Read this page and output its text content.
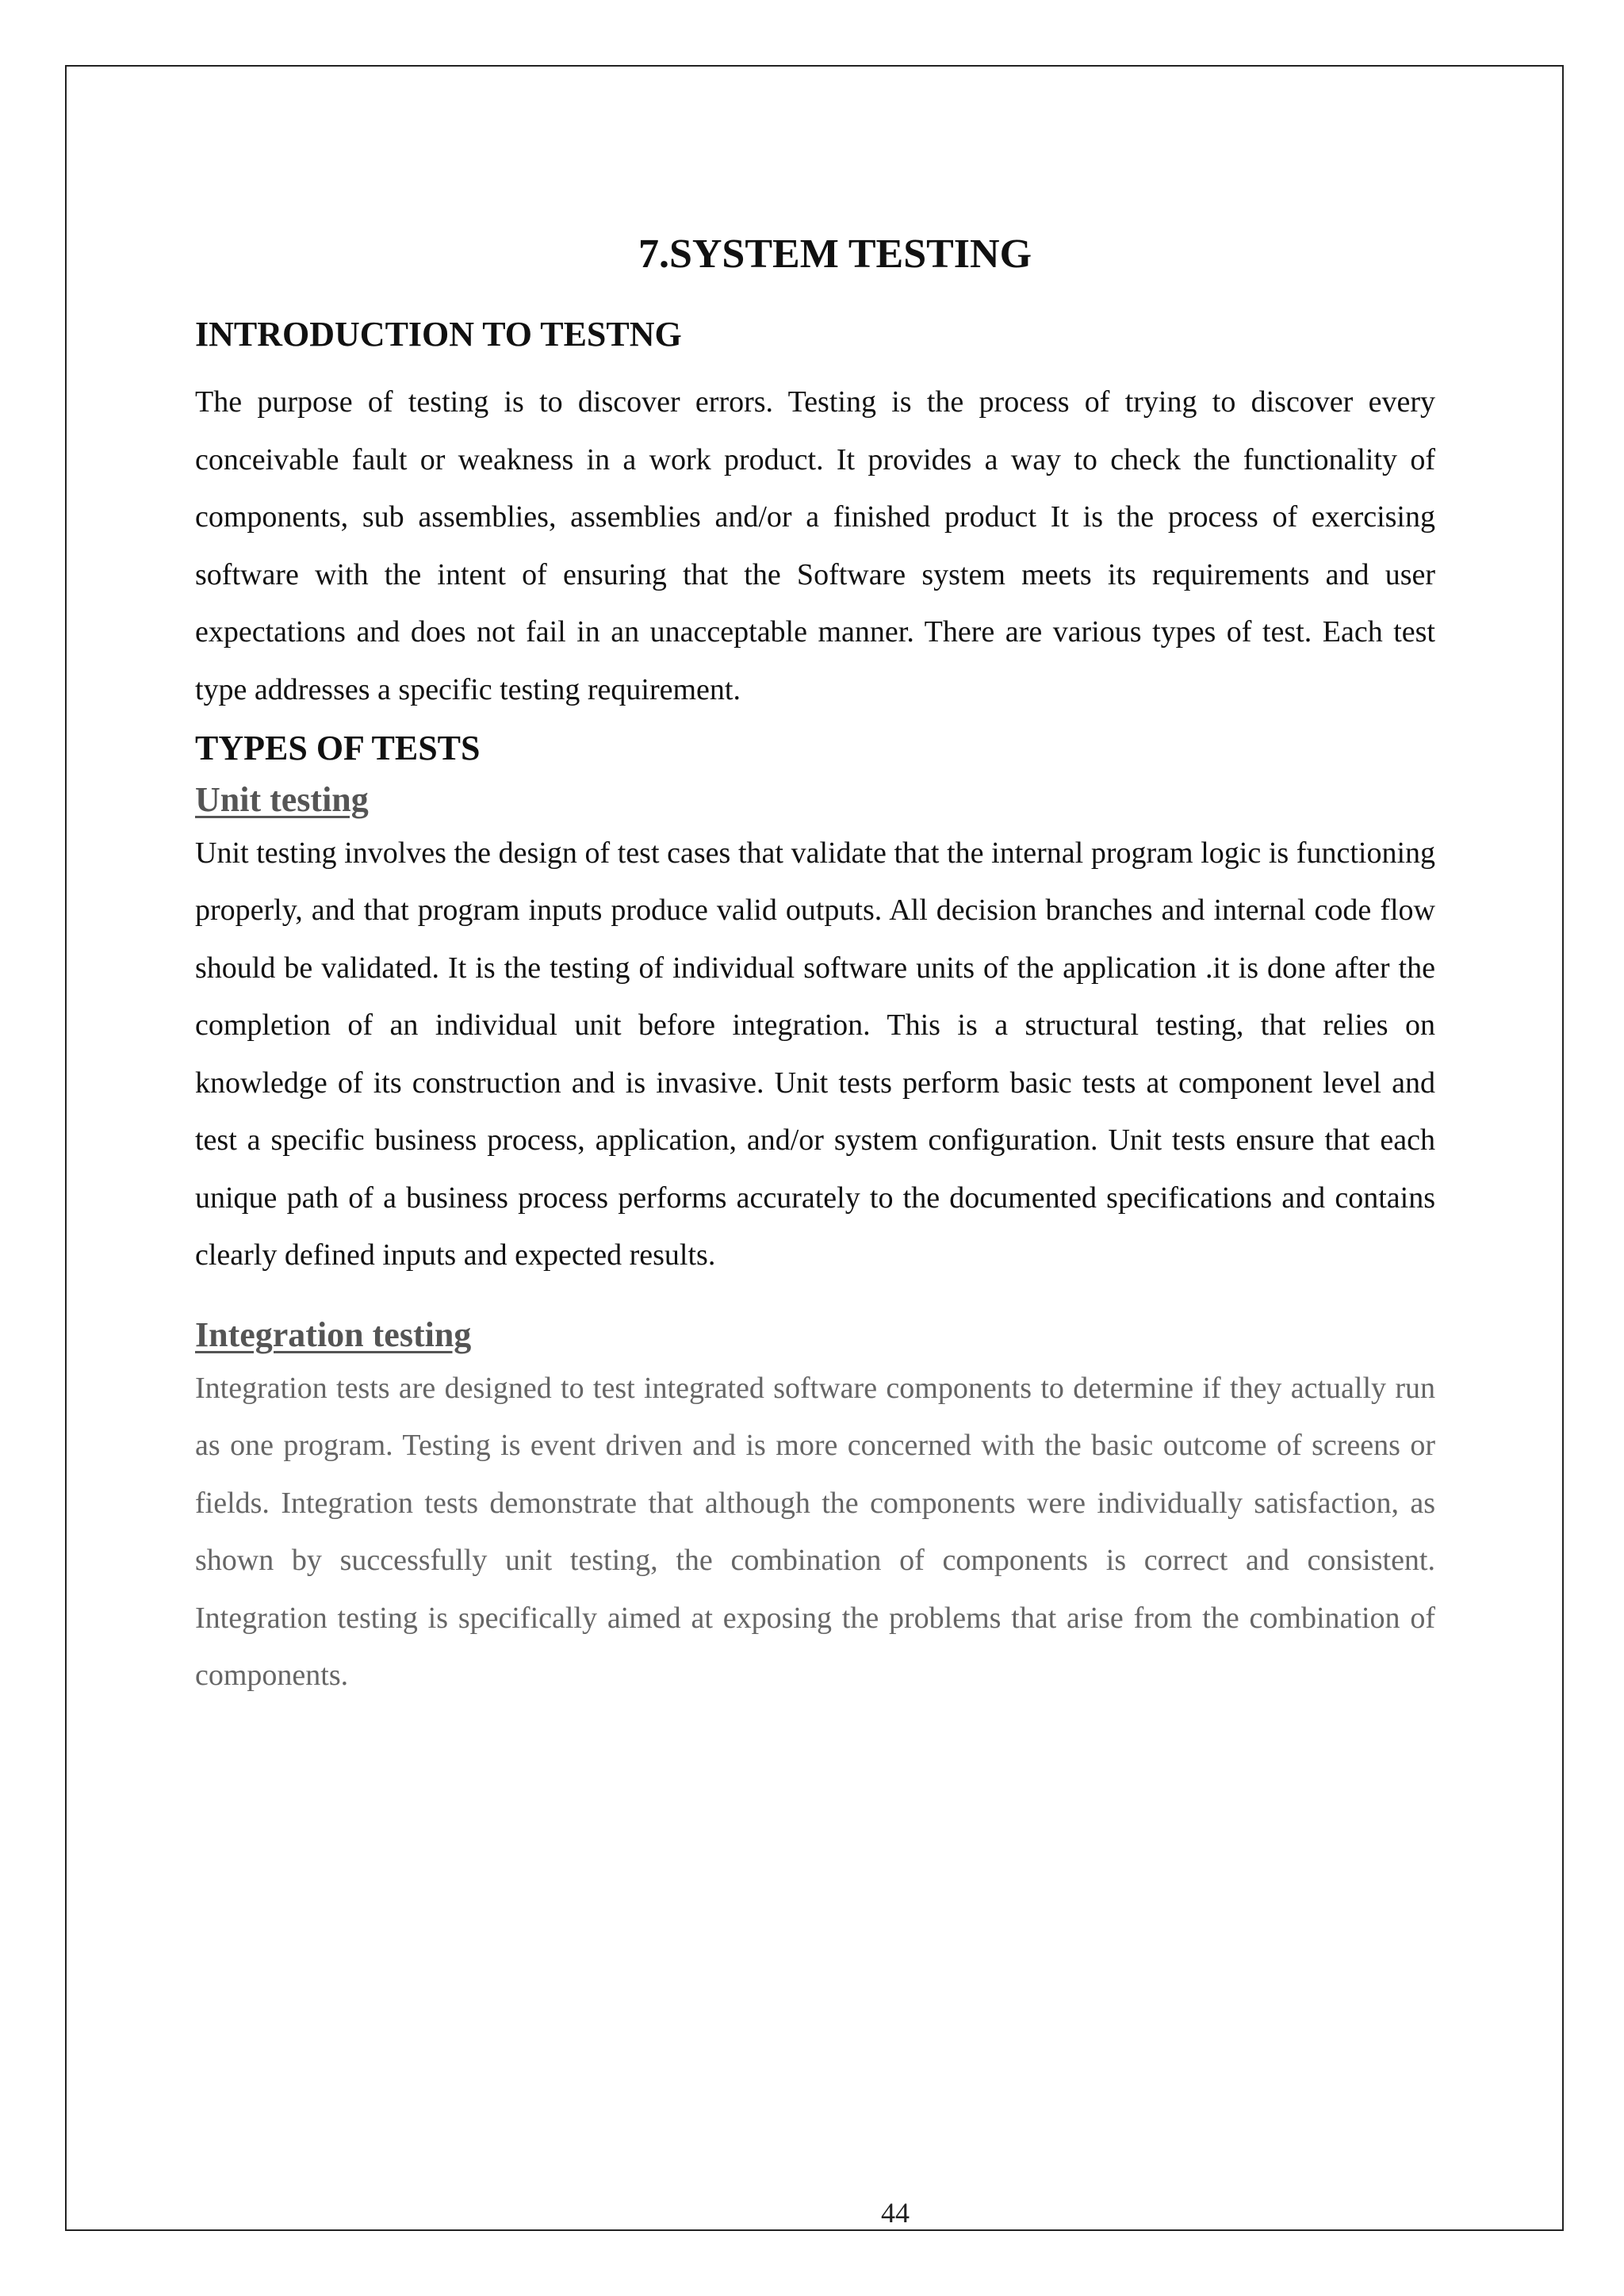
7.SYSTEM TESTING
INTRODUCTION TO TESTNG

The purpose of testing is to discover errors. Testing is the process of trying to discover every conceivable fault or weakness in a work product. It provides a way to check the functionality of components, sub assemblies, assemblies and/or a finished product It is the process of exercising software with the intent of ensuring that the Software system meets its requirements and user expectations and does not fail in an unacceptable manner. There are various types of test. Each test type addresses a specific testing requirement.

TYPES OF TESTS
Unit testing

Unit testing involves the design of test cases that validate that the internal program logic is functioning properly, and that program inputs produce valid outputs. All decision branches and internal code flow should be validated. It is the testing of individual software units of the application .it is done after the completion of an individual unit before integration. This is a structural testing, that relies on knowledge of its construction and is invasive. Unit tests perform basic tests at component level and test a specific business process, application, and/or system configuration. Unit tests ensure that each unique path of a business process performs accurately to the documented specifications and contains clearly defined inputs and expected results.

Integration testing

Integration tests are designed to test integrated software components to determine if they actually run as one program. Testing is event driven and is more concerned with the basic outcome of screens or fields. Integration tests demonstrate that although the components were individually satisfaction, as shown by successfully unit testing, the combination of components is correct and consistent. Integration testing is specifically aimed at exposing the problems that arise from the combination of components.

44
